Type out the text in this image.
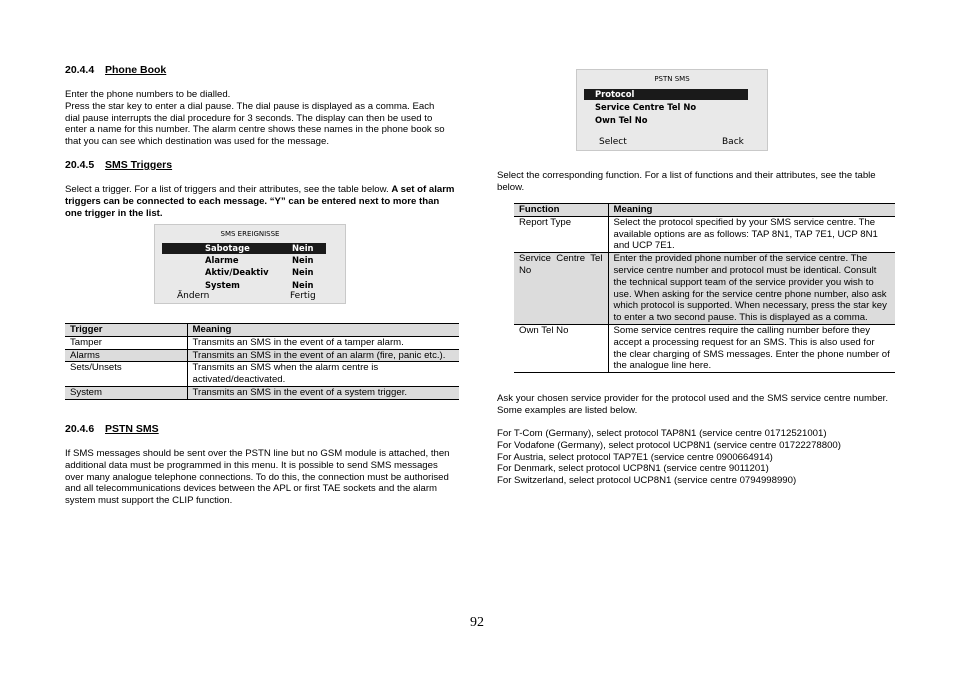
20.4.4 Phone Book

Enter the phone numbers to be dialled.
Press the star key to enter a dial pause. The dial pause is displayed as a comma. Each dial pause interrupts the dial procedure for 3 seconds. The display can then be used to enter a name for this number. The alarm centre shows these names in the phone book so that you can see which destination was used for the message.

20.4.5 SMS Triggers

Select a trigger. For a list of triggers and their attributes, see the table below. A set of alarm triggers can be connected to each message. “Y” can be entered next to more than one trigger in the list.

SMS EREIGNISSE
Sabotage	Nein
Alarme	Nein
Aktiv/Deaktiv	Nein
System	Nein
Ändern	Fertig
Trigger	Meaning
Tamper	Transmits an SMS in the event of a tamper alarm.
Alarms	Transmits an SMS in the event of an alarm (fire, panic etc.).
Sets/Unsets	Transmits an SMS when the alarm centre is activated/deactivated.
System	Transmits an SMS in the event of a system trigger.
20.4.6 PSTN SMS

If SMS messages should be sent over the PSTN line but no GSM module is attached, then additional data must be programmed in this menu. It is possible to send SMS messages over many analogue telephone connections. To do this, the connection must be authorised and all telecommunications devices between the APL or first TAE sockets and the alarm system must support the CLIP function.

PSTN SMS
Protocol
Service Centre Tel No
Own Tel No
Select	Back

Select the corresponding function. For a list of functions and their attributes, see the table below.

Function	Meaning
Report Type	Select the protocol specified by your SMS service centre. The available options are as follows: TAP 8N1, TAP 7E1, UCP 8N1 and UCP 7E1.
Service Centre Tel No	Enter the provided phone number of the service centre. The service centre number and protocol must be identical. Consult the technical support team of the service provider you wish to use. When asking for the service centre phone number, also ask which protocol is supported. When necessary, press the star key to enter a two second pause. This is displayed as a comma.
Own Tel No	Some service centres require the calling number before they accept a processing request for an SMS. This is also used for the clear charging of SMS messages. Enter the phone number of the analogue line here.

Ask your chosen service provider for the protocol used and the SMS service centre number. Some examples are listed below.

For T-Com (Germany), select protocol TAP8N1 (service centre 01712521001)
For Vodafone (Germany), select protocol UCP8N1 (service centre 01722278800)
For Austria, select protocol TAP7E1 (service centre 0900664914)
For Denmark, select protocol UCP8N1 (service centre 9011201)
For Switzerland, select protocol UCP8N1 (service centre 0794998990)
92
